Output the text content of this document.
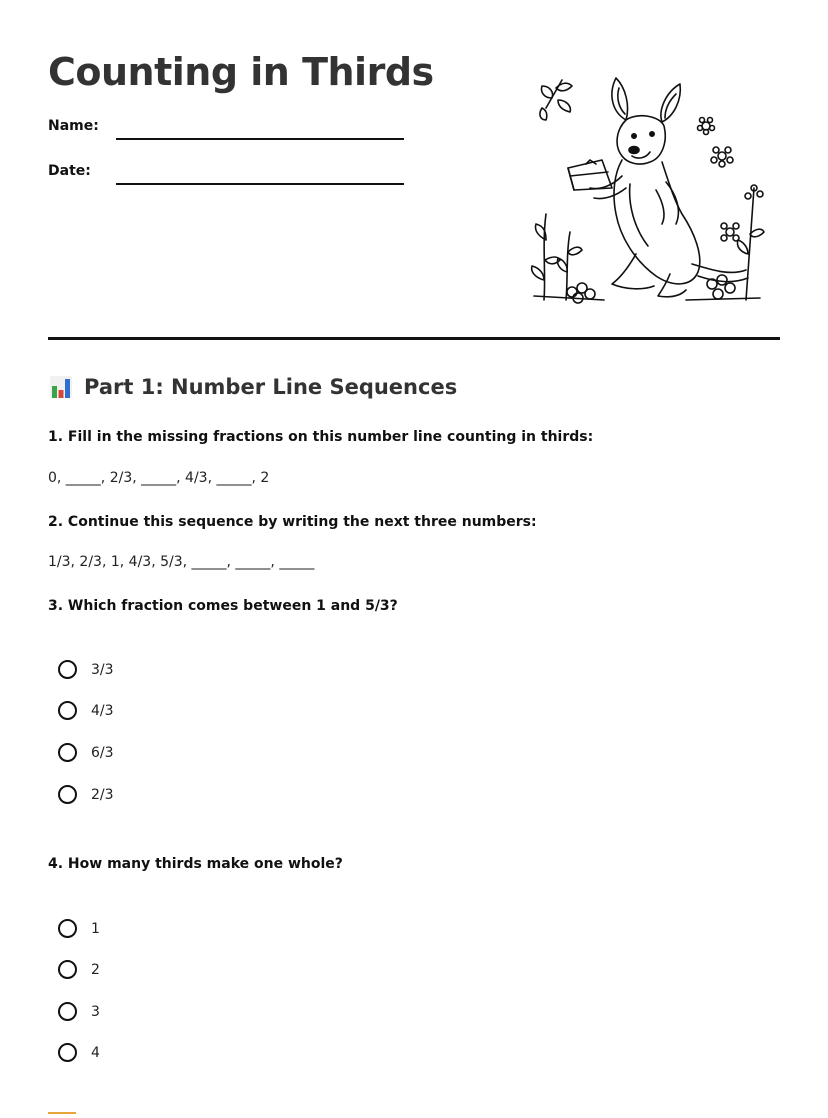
Counting in Thirds
Name:
Date:
Part 1: Number Line Sequences

1. Fill in the missing fractions on this number line counting in thirds:

0, _____, 2/3, _____, 4/3, _____, 2

2. Continue this sequence by writing the next three numbers:

1/3, 2/3, 1, 4/3, 5/3, _____, _____, _____

3. Which fraction comes between 1 and 5/3?

3/3
4/3
6/3
2/3

4. How many thirds make one whole?

1
2
3
4
